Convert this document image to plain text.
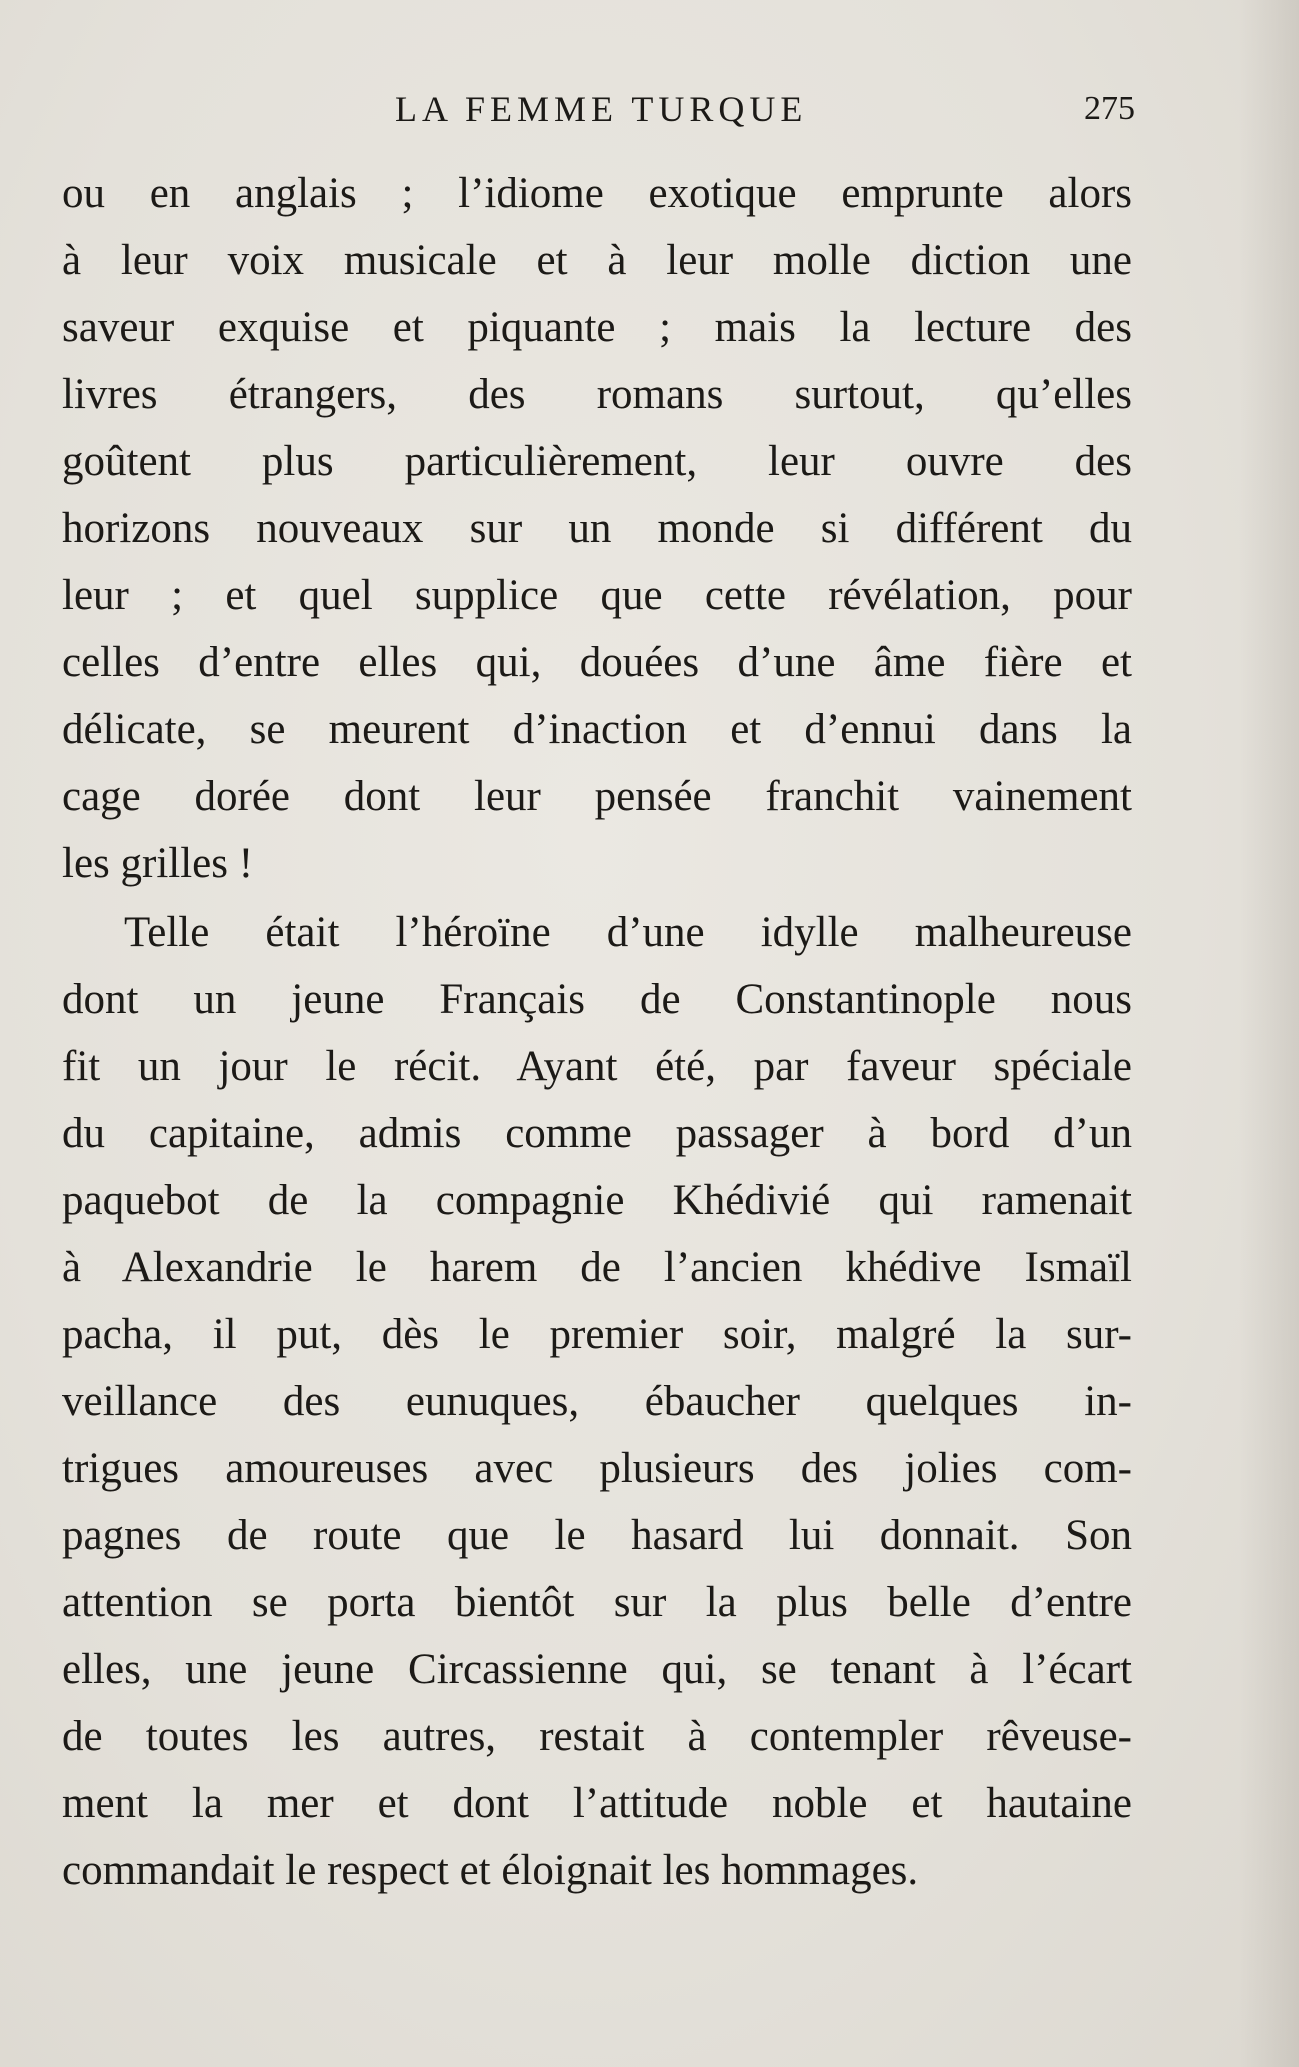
LA FEMME TURQUE	275
ou en anglais ; l’idiome exotique emprunte alors
à leur voix musicale et à leur molle diction une
saveur exquise et piquante ; mais la lecture des
livres étrangers, des romans surtout, qu’elles
goûtent plus particulièrement, leur ouvre des
horizons nouveaux sur un monde si différent du
leur ; et quel supplice que cette révélation, pour
celles d’entre elles qui, douées d’une âme fière et
délicate, se meurent d’inaction et d’ennui dans la
cage dorée dont leur pensée franchit vainement
les grilles !
Telle était l’héroïne d’une idylle malheureuse
dont un jeune Français de Constantinople nous
fit un jour le récit. Ayant été, par faveur spéciale
du capitaine, admis comme passager à bord d’un
paquebot de la compagnie Khédivié qui ramenait
à Alexandrie le harem de l’ancien khédive Ismaïl
pacha, il put, dès le premier soir, malgré la sur-
veillance des eunuques, ébaucher quelques in-
trigues amoureuses avec plusieurs des jolies com-
pagnes de route que le hasard lui donnait. Son
attention se porta bientôt sur la plus belle d’entre
elles, une jeune Circassienne qui, se tenant à l’écart
de toutes les autres, restait à contempler rêveuse-
ment la mer et dont l’attitude noble et hautaine
commandait le respect et éloignait les hommages.
